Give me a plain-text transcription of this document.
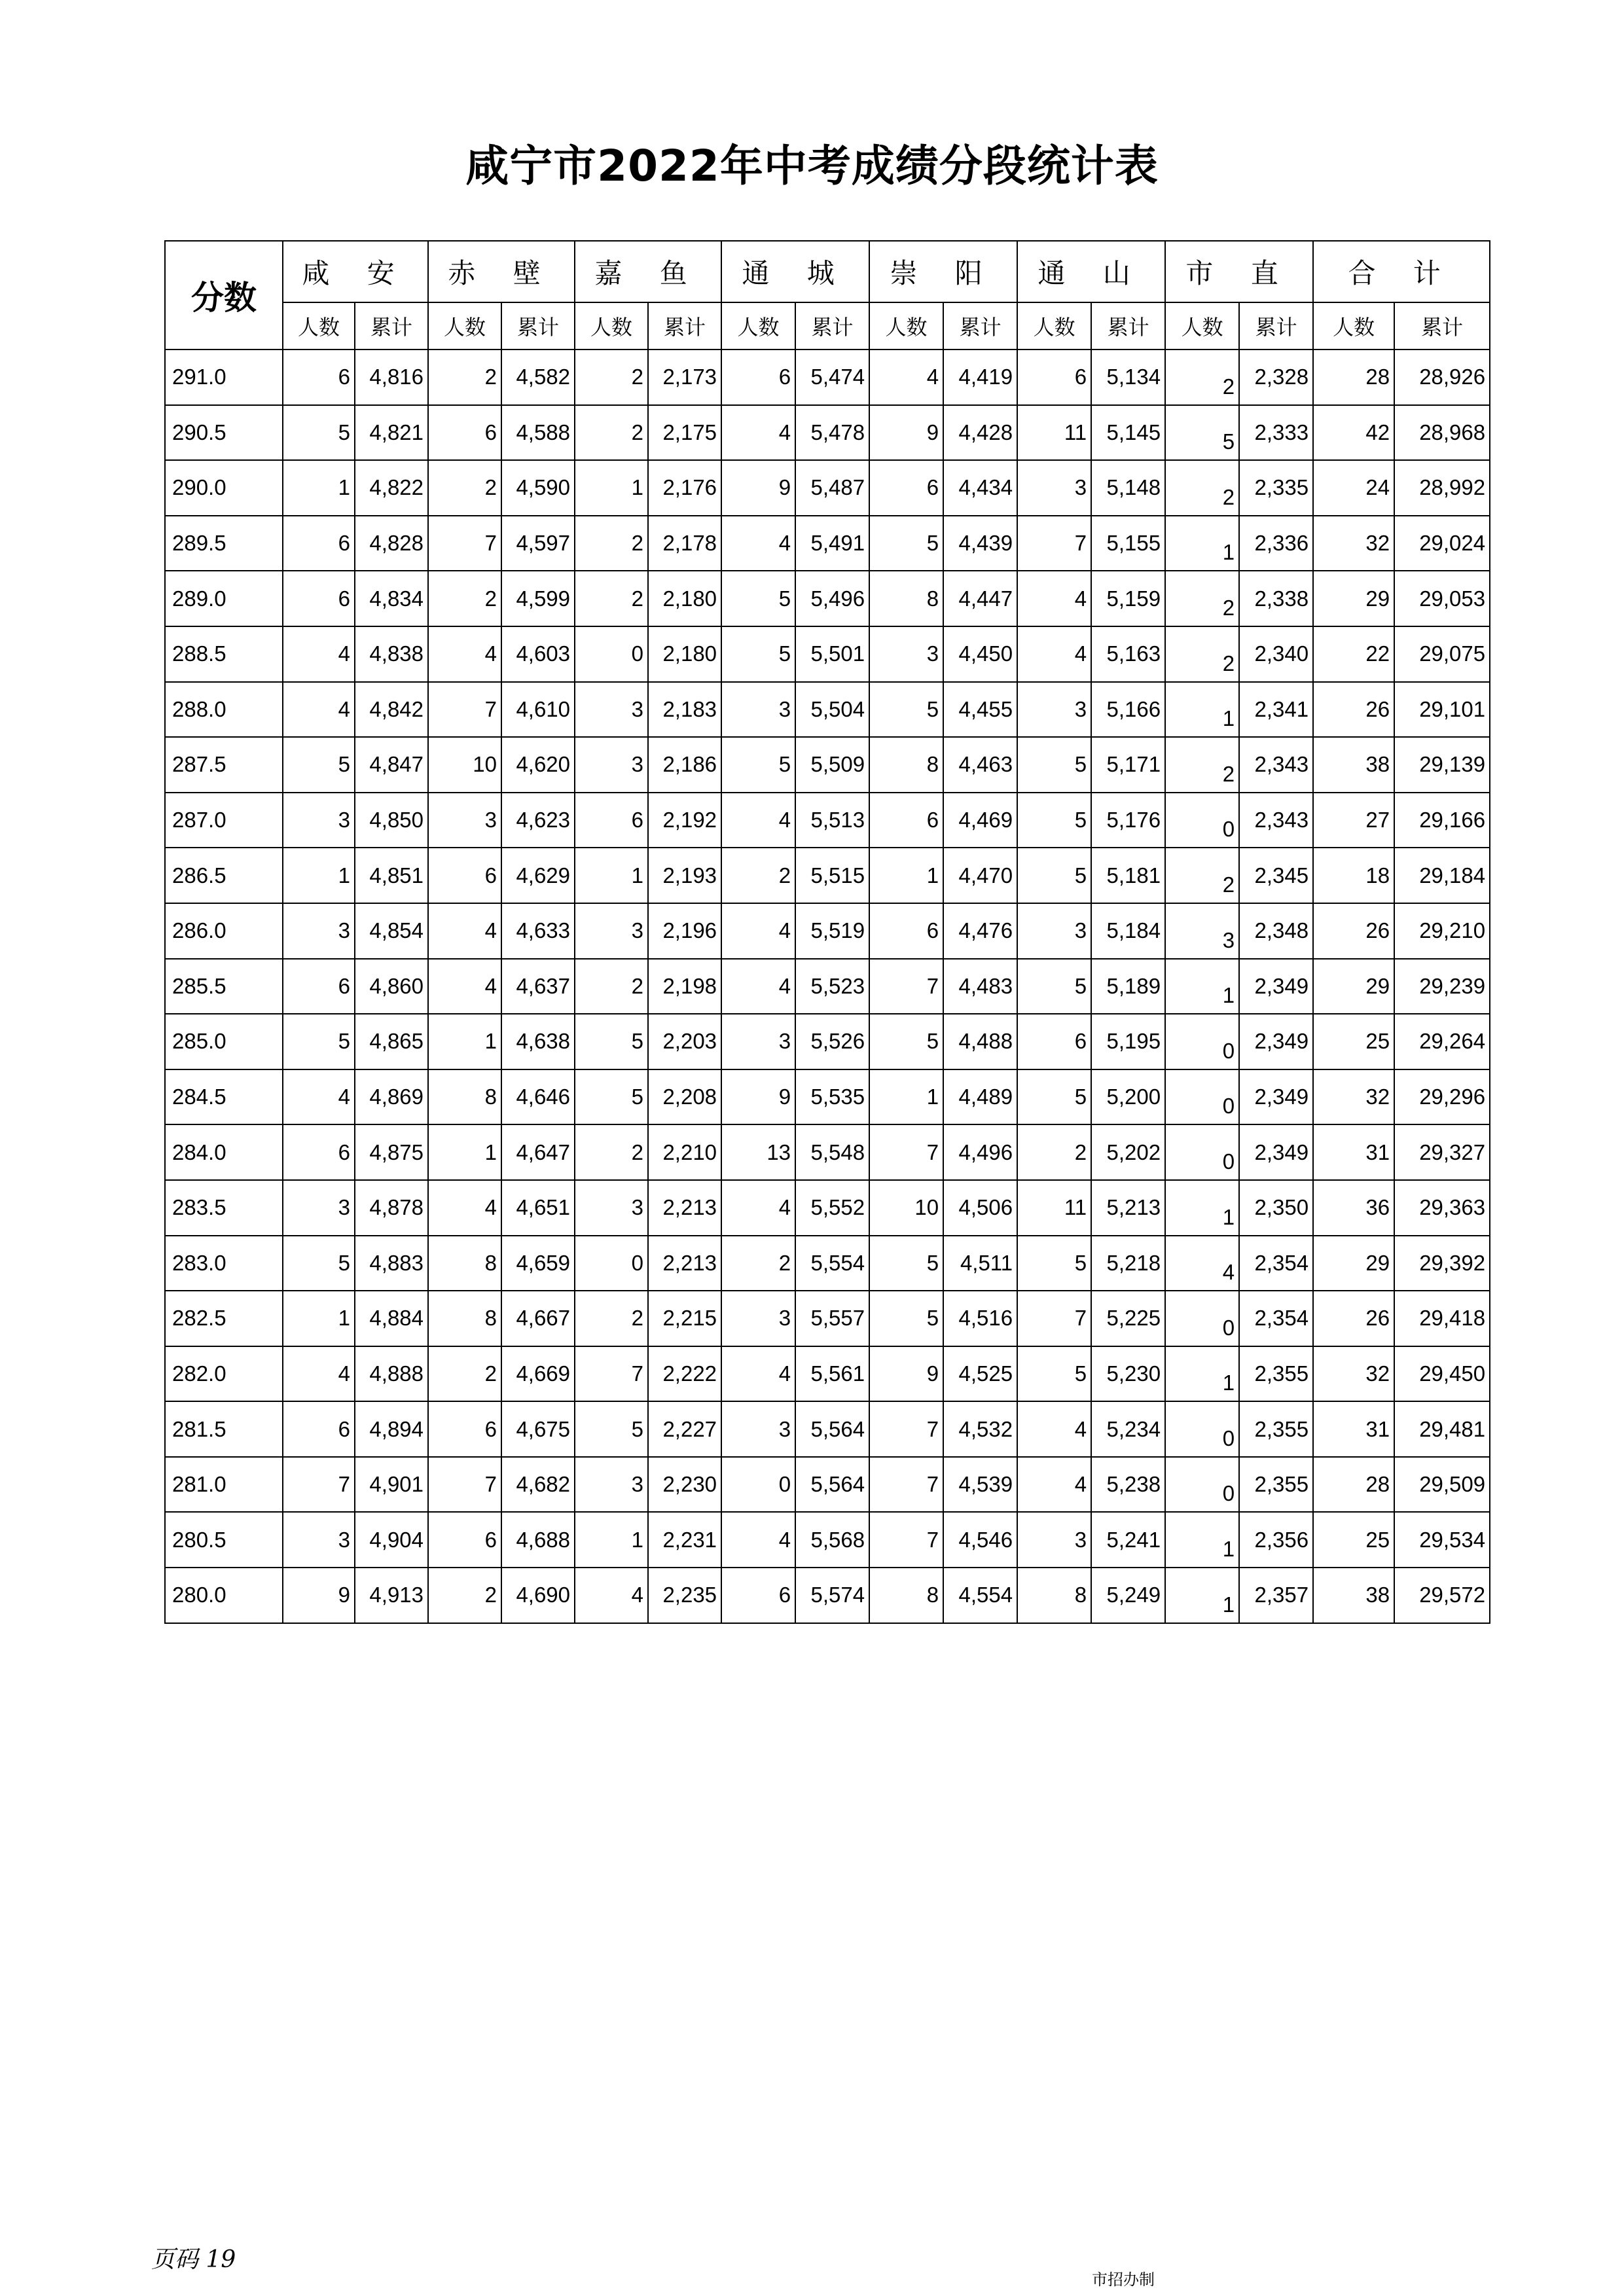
咸宁市2022年中考成绩分段统计表
分数	咸 安		赤 壁		嘉 鱼		通 城		崇 阳		通 山		市 直		合 计	
	人数	累计	人数	累计	人数	累计	人数	累计	人数	累计	人数	累计	人数	累计	人数	累计
291.0	6	4,816	2	4,582	2	2,173	6	5,474	4	4,419	6	5,134	2	2,328	28	28,926
290.5	5	4,821	6	4,588	2	2,175	4	5,478	9	4,428	11	5,145	5	2,333	42	28,968
290.0	1	4,822	2	4,590	1	2,176	9	5,487	6	4,434	3	5,148	2	2,335	24	28,992
289.5	6	4,828	7	4,597	2	2,178	4	5,491	5	4,439	7	5,155	1	2,336	32	29,024
289.0	6	4,834	2	4,599	2	2,180	5	5,496	8	4,447	4	5,159	2	2,338	29	29,053
288.5	4	4,838	4	4,603	0	2,180	5	5,501	3	4,450	4	5,163	2	2,340	22	29,075
288.0	4	4,842	7	4,610	3	2,183	3	5,504	5	4,455	3	5,166	1	2,341	26	29,101
287.5	5	4,847	10	4,620	3	2,186	5	5,509	8	4,463	5	5,171	2	2,343	38	29,139
287.0	3	4,850	3	4,623	6	2,192	4	5,513	6	4,469	5	5,176	0	2,343	27	29,166
286.5	1	4,851	6	4,629	1	2,193	2	5,515	1	4,470	5	5,181	2	2,345	18	29,184
286.0	3	4,854	4	4,633	3	2,196	4	5,519	6	4,476	3	5,184	3	2,348	26	29,210
285.5	6	4,860	4	4,637	2	2,198	4	5,523	7	4,483	5	5,189	1	2,349	29	29,239
285.0	5	4,865	1	4,638	5	2,203	3	5,526	5	4,488	6	5,195	0	2,349	25	29,264
284.5	4	4,869	8	4,646	5	2,208	9	5,535	1	4,489	5	5,200	0	2,349	32	29,296
284.0	6	4,875	1	4,647	2	2,210	13	5,548	7	4,496	2	5,202	0	2,349	31	29,327
283.5	3	4,878	4	4,651	3	2,213	4	5,552	10	4,506	11	5,213	1	2,350	36	29,363
283.0	5	4,883	8	4,659	0	2,213	2	5,554	5	4,511	5	5,218	4	2,354	29	29,392
282.5	1	4,884	8	4,667	2	2,215	3	5,557	5	4,516	7	5,225	0	2,354	26	29,418
282.0	4	4,888	2	4,669	7	2,222	4	5,561	9	4,525	5	5,230	1	2,355	32	29,450
281.5	6	4,894	6	4,675	5	2,227	3	5,564	7	4,532	4	5,234	0	2,355	31	29,481
281.0	7	4,901	7	4,682	3	2,230	0	5,564	7	4,539	4	5,238	0	2,355	28	29,509
280.5	3	4,904	6	4,688	1	2,231	4	5,568	7	4,546	3	5,241	1	2,356	25	29,534
280.0	9	4,913	2	4,690	4	2,235	6	5,574	8	4,554	8	5,249	1	2,357	38	29,572
页码 19
市招办制
